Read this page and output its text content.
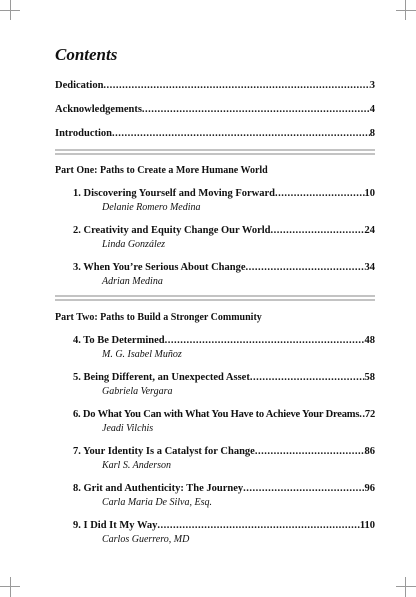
Contents
Dedication .....	3
Acknowledgements .....	4
Introduction .....	8
Part One: Paths to Create a More Humane World
1. Discovering Yourself and Moving Forward .....	10
Delanie Romero Medina
2. Creativity and Equity Change Our World .....	24
Linda González
3. When You’re Serious About Change .....	34
Adrian Medina
Part Two: Paths to Build a Stronger Community
4. To Be Determined .....	48
M. G. Isabel Muñoz
5. Being Different, an Unexpected Asset .....	58
Gabriela Vergara
6. Do What You Can with What You Have to Achieve Your Dreams ..... 72
Jeadi Vilchis
7. Your Identity Is a Catalyst for Change .....	86
Karl S. Anderson
8. Grit and Authenticity: The Journey .....	96
Carla Maria De Silva, Esq.
9. I Did It My Way .....	110
Carlos Guerrero, MD
